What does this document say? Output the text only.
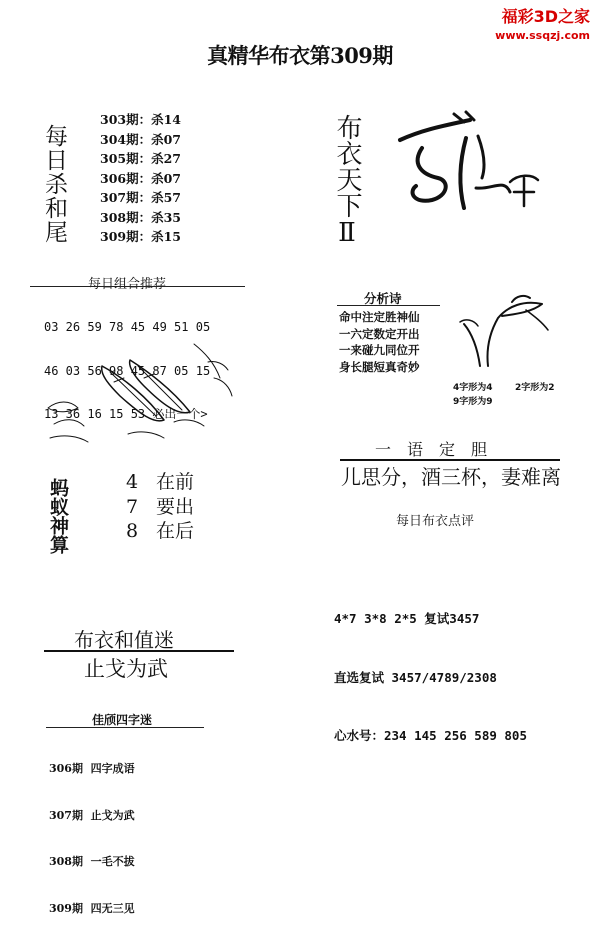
福彩3D之家
www.ssqzj.com
真精华布衣第309期
每日杀和尾
303期：杀14
304期：杀07
305期：杀27
306期：杀07
307期：杀57
308期：杀35
309期：杀15	布衣天下Ⅱ
每日组合推荐

03 26 59 78 45 49 51 05

46 03 56 98 45 87 05 15

13 36 16 15 53 必出一个>

分析诗
命中注定胜神仙
一六定数定开出
一来碰九同位开
身长腿短真奇妙
4字形为4 2字形为2
9字形为9
一语定胆
儿思分，酒三杯，妻难离
每日布衣点评
蚂蚁神算	4 在前
7 要出
8 在后

4*7 3*8 2*5 复试3457

直选复试 3457/4789/2308

心水号：234 145 256 589 805

布衣和值迷
止戈为武
佳颀四字迷

306期  四字成语

307期  止戈为武

308期  一毛不拔

309期  四无三见
